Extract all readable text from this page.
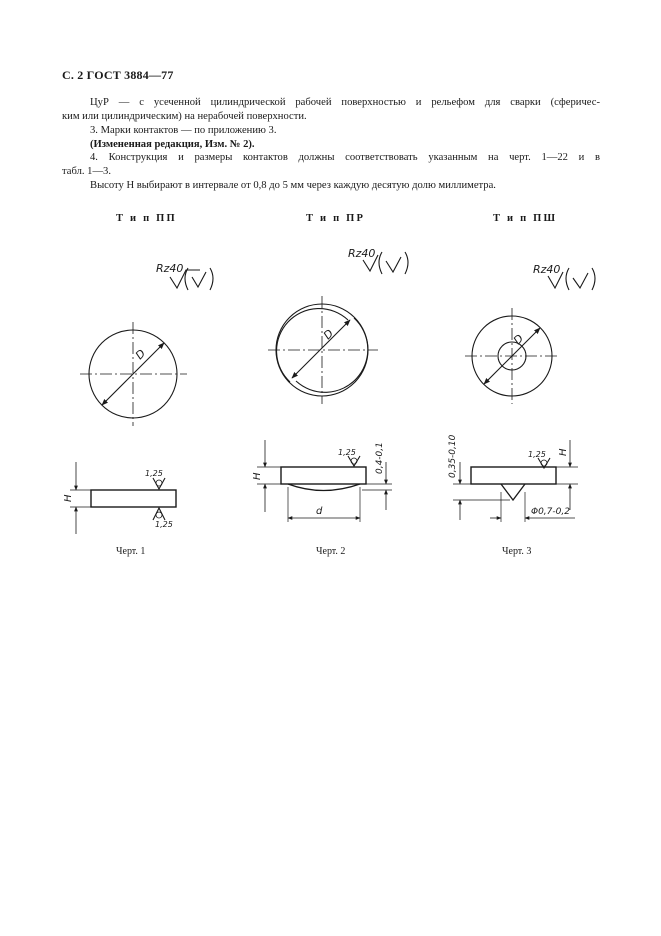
С. 2 ГОСТ 3884—77
ЦуР — с усеченной цилиндрической рабочей поверхностью и рельефом для сварки (сферичес-
ким или цилиндрическим) на нерабочей поверхности.
3. Марки контактов — по приложению 3.
(Измененная редакция, Изм. № 2).
4. Конструкция и размеры контактов должны соответствовать указанным на черт. 1—22 и в
табл. 1—3.
Высоту H выбирают в интервале от 0,8 до 5 мм через каждую десятую долю миллиметра.
Т и п ПП	Т и п ПР	Т и п ПШ
Rz40
D
H
1,25
1,25
Rz40
D
H
0,4-0,1
1,25
d
Rz40
D
H
0,35-0,10	1,25
Φ0,7-0,2
Черт. 1	Черт. 2	Черт. 3
